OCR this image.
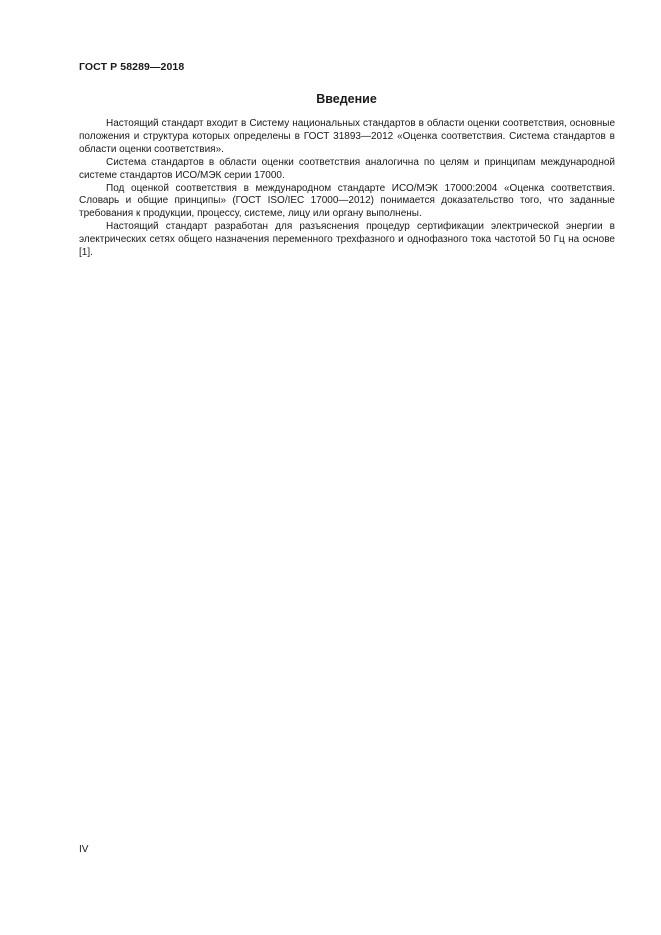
ГОСТ Р 58289—2018
Введение

Настоящий стандарт входит в Систему национальных стандартов в области оценки соответствия, основные положения и структура которых определены в ГОСТ 31893—2012 «Оценка соответствия. Система стандартов в области оценки соответствия».

Система стандартов в области оценки соответствия аналогична по целям и принципам международной системе стандартов ИСО/МЭК серии 17000.

Под оценкой соответствия в международном стандарте ИСО/МЭК 17000:2004 «Оценка соответствия. Словарь и общие принципы» (ГОСТ ISO/IEC 17000—2012) понимается доказательство того, что заданные требования к продукции, процессу, системе, лицу или органу выполнены.

Настоящий стандарт разработан для разъяснения процедур сертификации электрической энергии в электрических сетях общего назначения переменного трехфазного и однофазного тока частотой 50 Гц на основе [1].

IV
